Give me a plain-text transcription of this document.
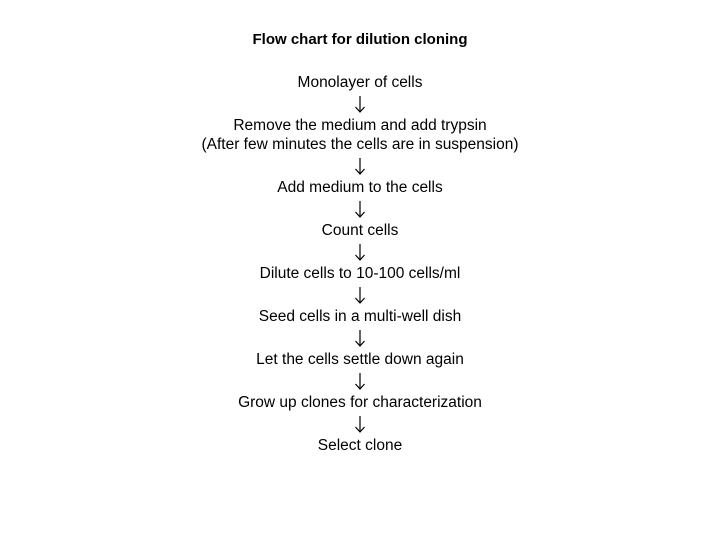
Flow chart for dilution cloning
Monolayer of cells
Remove the medium and add trypsin
(After few minutes the cells are in suspension)
Add medium to the cells
Count cells
Dilute cells to 10-100 cells/ml
Seed cells in a multi-well dish
Let the cells settle down again
Grow up clones for characterization
Select clone
